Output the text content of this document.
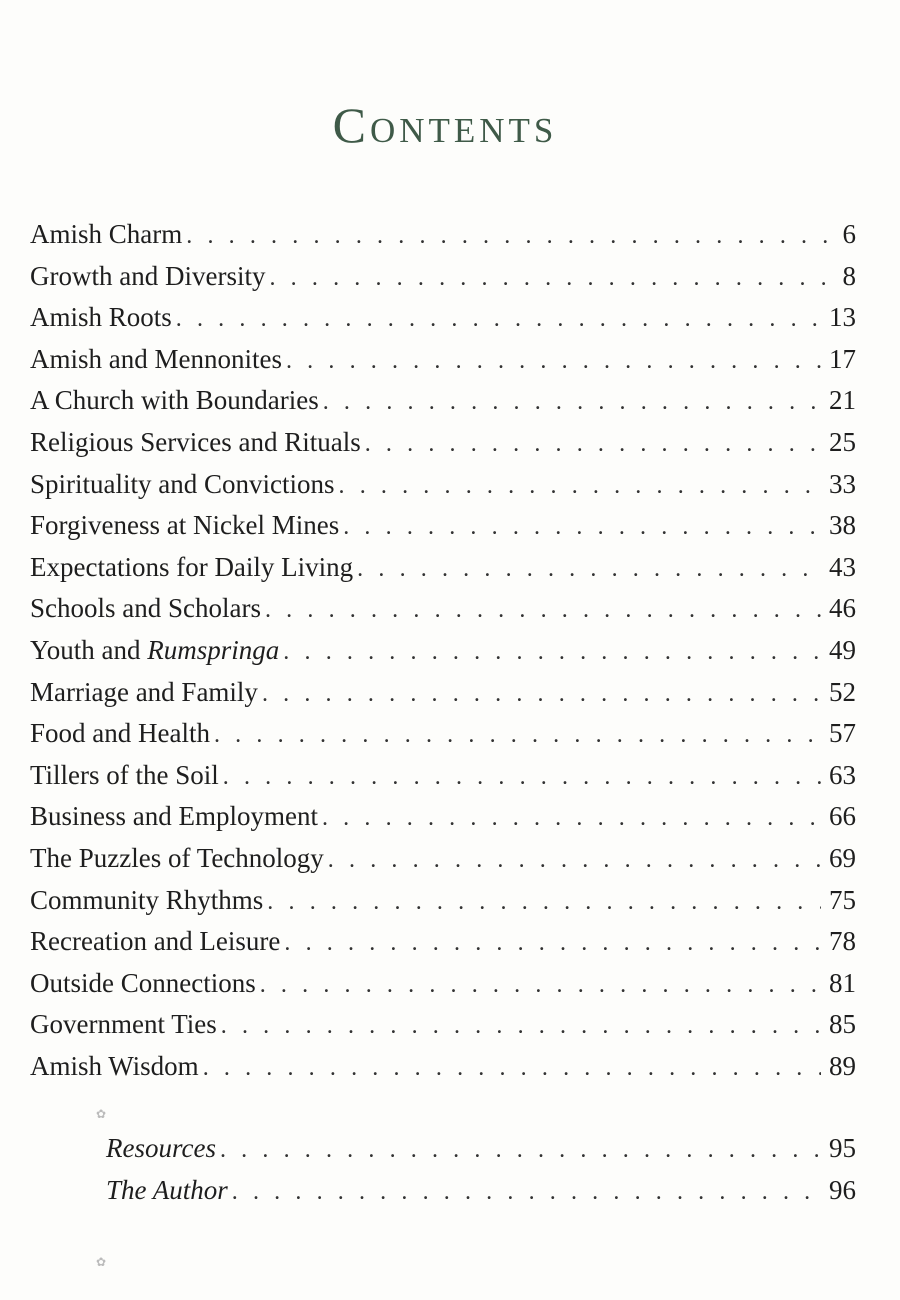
Contents
Amish Charm . . .	6
Growth and Diversity . . .	8
Amish Roots . . .	13
Amish and Mennonites . . .	17
A Church with Boundaries . . .	21
Religious Services and Rituals . . .	25
Spirituality and Convictions . . .	33
Forgiveness at Nickel Mines . . .	38
Expectations for Daily Living . . .	43
Schools and Scholars . . .	46
Youth and Rumspringa . . .	49
Marriage and Family . . .	52
Food and Health . . .	57
Tillers of the Soil . . .	63
Business and Employment . . .	66
The Puzzles of Technology . . .	69
Community Rhythms . . .	75
Recreation and Leisure . . .	78
Outside Connections . . .	81
Government Ties . . .	85
Amish Wisdom . . .	89
✿
Resources . . .	95
The Author . . .	96
✿
